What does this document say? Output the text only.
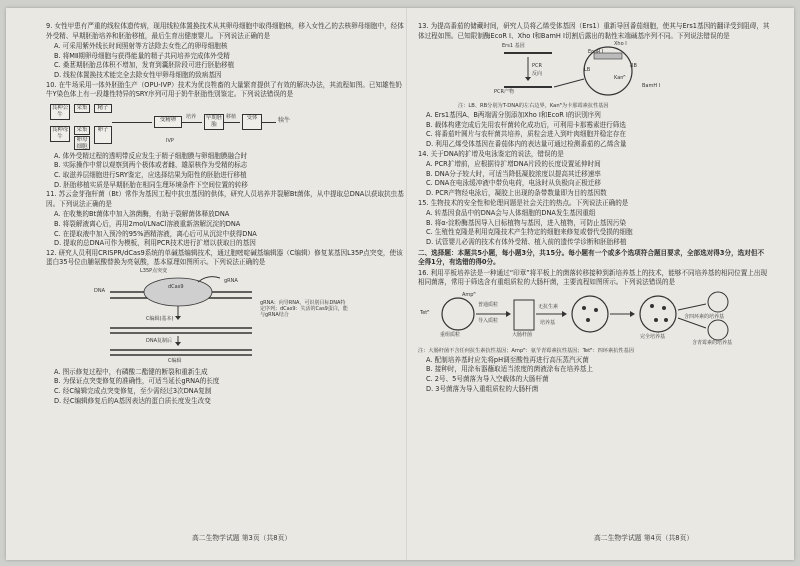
9. 女性甲患有严重的线粒体遗传病，现用线粒体置换技术从其卵母细胞中取得细胞核，移入女性乙的去核卵母细胞中，经体外受精、早期胚胎培养和胚胎移植，最后生育出健康婴儿。下列说法正确的是
A. 可采用紫外线长时间照射等方法除去女性乙的卵母细胞核
B. 将MⅡ期卵母细胞与获得能量的精子共同培养完成体外受精
C. 桑葚期胚胎总体积不增加，发育到囊胚阶段可进行胚胎移植
D. 线粒体置换技术能完全去除女性甲卵母细胞的致病基因
10. 在牛场采用一体外胚胎生产（OPU-IVP）技术为优良牲畜的大量繁育提供了有效的解决办法，其流程如图。已知雄性奶牛Y染色体上有一段雄性特异的SRY序列可用于奶牛胚胎性别鉴定。下列说法错误的是
良种公牛
良种母牛
采集	精子
采集
卵母细胞
卵子
受精卵	培养	早期胚胎
移植	受体	犊牛
IVP
A. 体外受精过程的透明带反应发生于精子细胞膜与卵细胞膜融合时
B. 实际操作中常以观察到两个极体或者雌、雄原核作为受精的标志
C. 取滋养层细胞进行SRY鉴定，应选择结果为阳性的胚胎进行移植
D. 胚胎移植实质是早期胚胎在相同生理环境条件下空间位置的转移
11. 苏云金芽孢杆菌（Bt）常作为基因工程中抗虫基因的供体，研究人员培养并裂解Bt菌体，从中提取总DNA以获取抗虫基因。下列说法正确的是
A. 在收集的Bt菌体中加入溶菌酶，有助于裂解菌体释放DNA
B. 将裂解液离心后，再用2mol/LNaCl溶液重新溶解沉淀的DNA
C. 在提取液中加入预冷的95%酒精溶液，离心后可从沉淀中获得DNA
D. 提取的总DNA可作为模板，利用PCR技术进行扩增以获取目的基因
12. 研究人员利用CRISPR/dCas9系统的单碱基编辑技术，通过胞嘧啶碱基编辑器（C编辑）修复某基因L35P点突变，使该蛋白35号位由脯氨酸替换为亮氨酸，基本原理如图所示。下列说法正确的是
L35P点突变
DNA
dCas9
gRNA
C编辑(基本)
DNA复制后
C编辑
gRNA：向导RNA，可识别目标DNA特定序列；dCas9：失活的Cas9蛋白，能与gRNA结合
A. 图示修复过程中，有磷酸二酯键的断裂和重新生成
B. 为保证点突变修复的准确性，可适当延长gRNA的长度
C. 经C编辑完成点突变修复，至少需经过3次DNA复制
D. 经C编辑修复后的A基因表达的蛋白质长度发生改变
高二生物学试题 第3页（共8页）
13. 为提高番茄的储藏时间，研究人员将乙烯受体基因（Ers1）重新导回番茄细胞，使其与Ers1基因的翻译受到阻碍，其体过程如图。已知限制酶EcoR I、Xho I和BamH I切割后露出的黏性末端碱基序列不同。下列说法错误的是
Ers1 基因	Xho I
EcoR I
PCR
反向
PCR产物
Kanᴿ
LB
RB
BamH I
注：LB、RB分别为T-DNA的左右边界，Kanᴿ为卡那霉素抗性基因
A. Ers1基因A、B两端需分别添加Xho I和EcoR I的识别序列
B. 载体构建完成后先用农杆菌转化成功后，可利用卡那霉素进行筛选
C. 将番茄叶圆片与农杆菌共培养，质粒会进入到叶肉细胞并稳定存在
D. 利用乙烯受体基因在番茄体内的表达量可通过检测番茄的乙烯含量
14. 关于DNA的扩增及电泳鉴定的说法，错误的是
A. PCR扩增前，应根据待扩增DNA片段的长度设置延伸时间
B. DNA分子较大时，可适当降低凝胶浓度以提高其迁移速率
C. DNA在电泳缓冲液中带负电荷，电泳时从负极向正极迁移
D. PCR产物经电泳后，凝胶上出现的条带数量即为目的基因数
15. 生物技术的安全性和伦理问题是社会关注的热点。下列说法正确的是
A. 转基因食品中的DNA会与人体细胞的DNA发生基因重组
B. 将α-淀粉酶基因导入目标植物与基因，进入植物，可防止基因污染
C. 生殖性克隆是利用克隆技术产生特定的细胞来修复或替代受损的细胞
D. 试管婴儿必需的技术有体外受精、植入前的遗传学诊断和胚胎移植
二、选择题：本题共5小题，每小题3分，共15分。每小题有一个或多个选项符合题目要求，全部选对得3分，选对但不全得1分，有选错的得0分。
16. 利用平板培养法是一种通过“印章”将平板上的菌落转移接种到新培养基上的技术，能够不同培养基的相同位置上出现相同菌落，常用于筛选含有重组质粒的大肠杆菌，主要流程如图所示。下列说法错误的是
Ampᴿ
Tetᴿ
普通质粒
导入质粒
重组质粒	大肠杆菌
无抗生素
培养基
完全培养基
含四环素的培养基
含青霉素的培养基
注：大肠杆菌不含任何抗生素抗性基因；Ampᴿ：氨苄青霉素抗性基因；Tetᴿ：四环素抗性基因
A. 配制培养基时应先将pH调至酸性再进行高压蒸汽灭菌
B. 接种时，用涂布器蘸取适当浓度的菌液涂布在培养基上
C. 2号、5号菌落为导入空载体的大肠杆菌
D. 3号菌落为导入重组质粒的大肠杆菌
高二生物学试题 第4页（共8页）
